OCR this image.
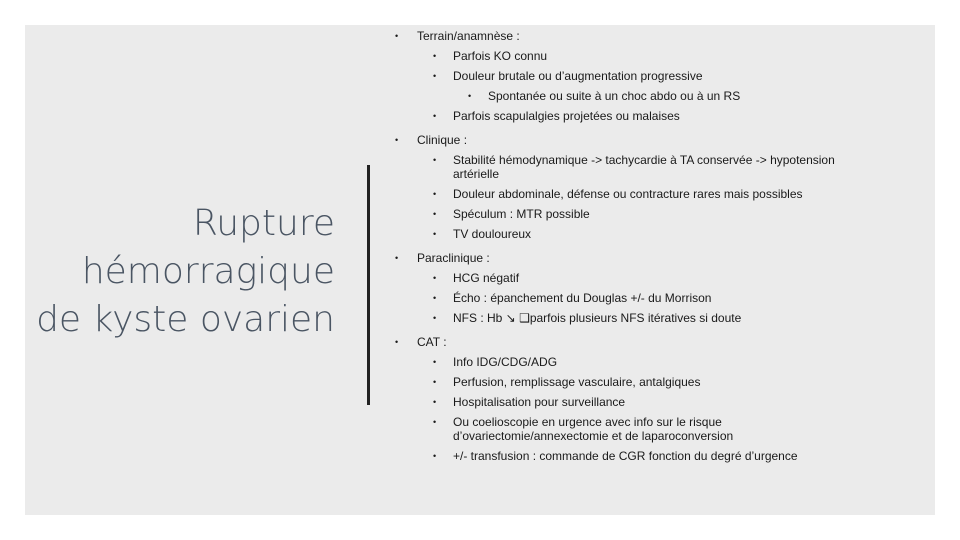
Rupture hémorragique de kyste ovarien
• Terrain/anamnèse :
• Parfois KO connu
• Douleur brutale ou d’augmentation progressive
• Spontanée ou suite à un choc abdo ou à un RS
• Parfois scapulalgies projetées ou malaises
• Clinique :
• Stabilité hémodynamique -> tachycardie à TA conservée -> hypotension artérielle
• Douleur abdominale, défense ou contracture rares mais possibles
• Spéculum : MTR possible
• TV douloureux
• Paraclinique :
• HCG négatif
• Écho : épanchement du Douglas +/- du Morrison
• NFS : Hb ↘ ❑parfois plusieurs NFS itératives si doute
• CAT :
• Info IDG/CDG/ADG
• Perfusion, remplissage vasculaire, antalgiques
• Hospitalisation pour surveillance
• Ou coelioscopie en urgence avec info sur le risque d’ovariectomie/annexectomie et de laparoconversion
• +/- transfusion : commande de CGR fonction du degré d’urgence
